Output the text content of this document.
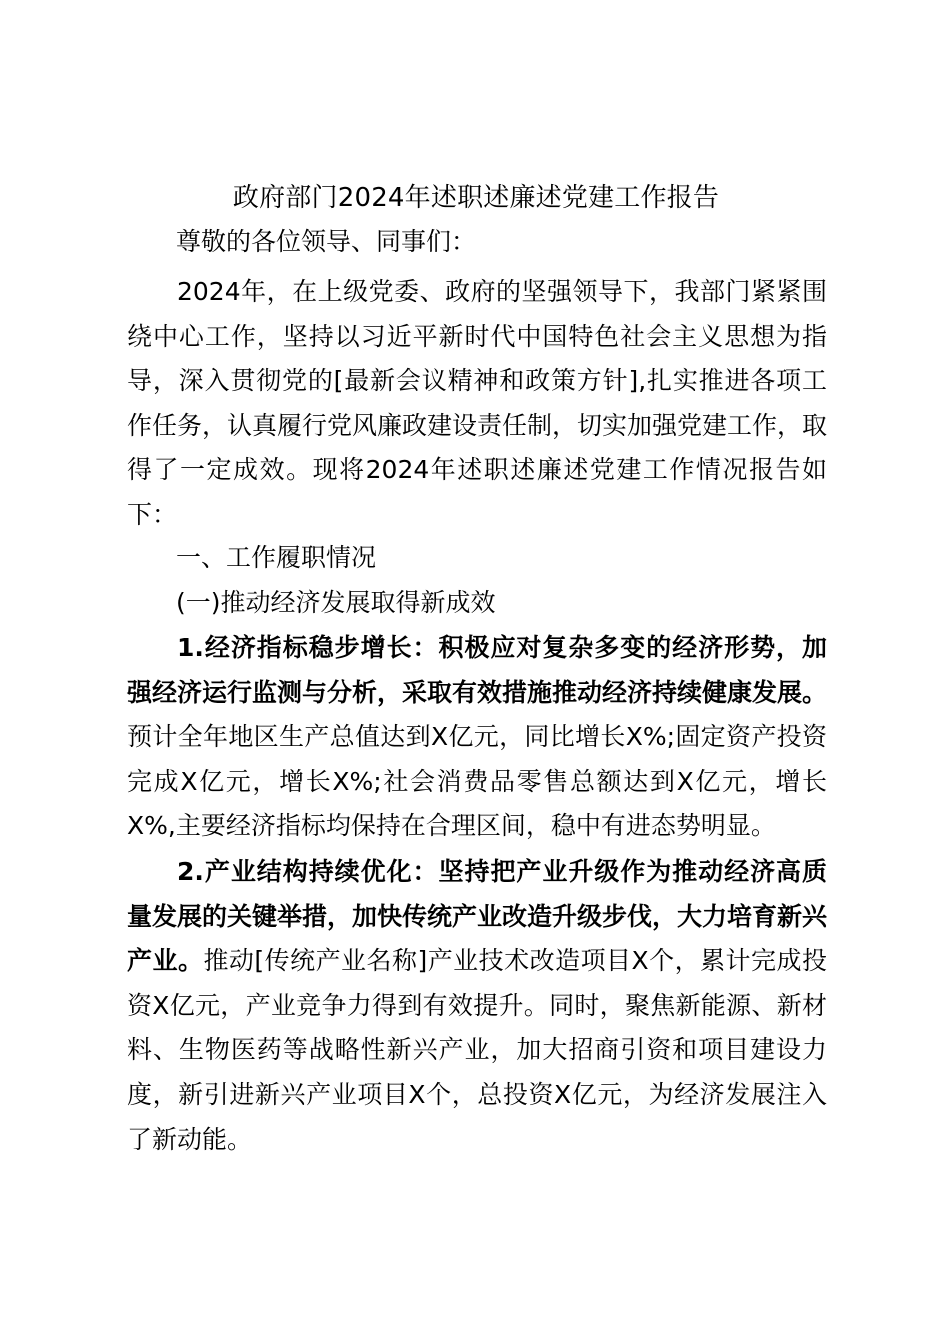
政府部门2024年述职述廉述党建工作报告
尊敬的各位领导、同事们：

2024年，在上级党委、政府的坚强领导下，我部门紧紧围绕中心工作，坚持以习近平新时代中国特色社会主义思想为指导，深入贯彻党的[最新会议精神和政策方针],扎实推进各项工作任务，认真履行党风廉政建设责任制，切实加强党建工作，取得了一定成效。现将2024年述职述廉述党建工作情况报告如下：

一、工作履职情况
(一)推动经济发展取得新成效

1.经济指标稳步增长：积极应对复杂多变的经济形势，加强经济运行监测与分析，采取有效措施推动经济持续健康发展。预计全年地区生产总值达到X亿元，同比增长X%;固定资产投资完成X亿元，增长X%;社会消费品零售总额达到X亿元，增长X%,主要经济指标均保持在合理区间，稳中有进态势明显。

2.产业结构持续优化：坚持把产业升级作为推动经济高质量发展的关键举措，加快传统产业改造升级步伐，大力培育新兴产业。推动[传统产业名称]产业技术改造项目X个，累计完成投资X亿元，产业竞争力得到有效提升。同时，聚焦新能源、新材料、生物医药等战略性新兴产业，加大招商引资和项目建设力度，新引进新兴产业项目X个，总投资X亿元，为经济发展注入了新动能。
